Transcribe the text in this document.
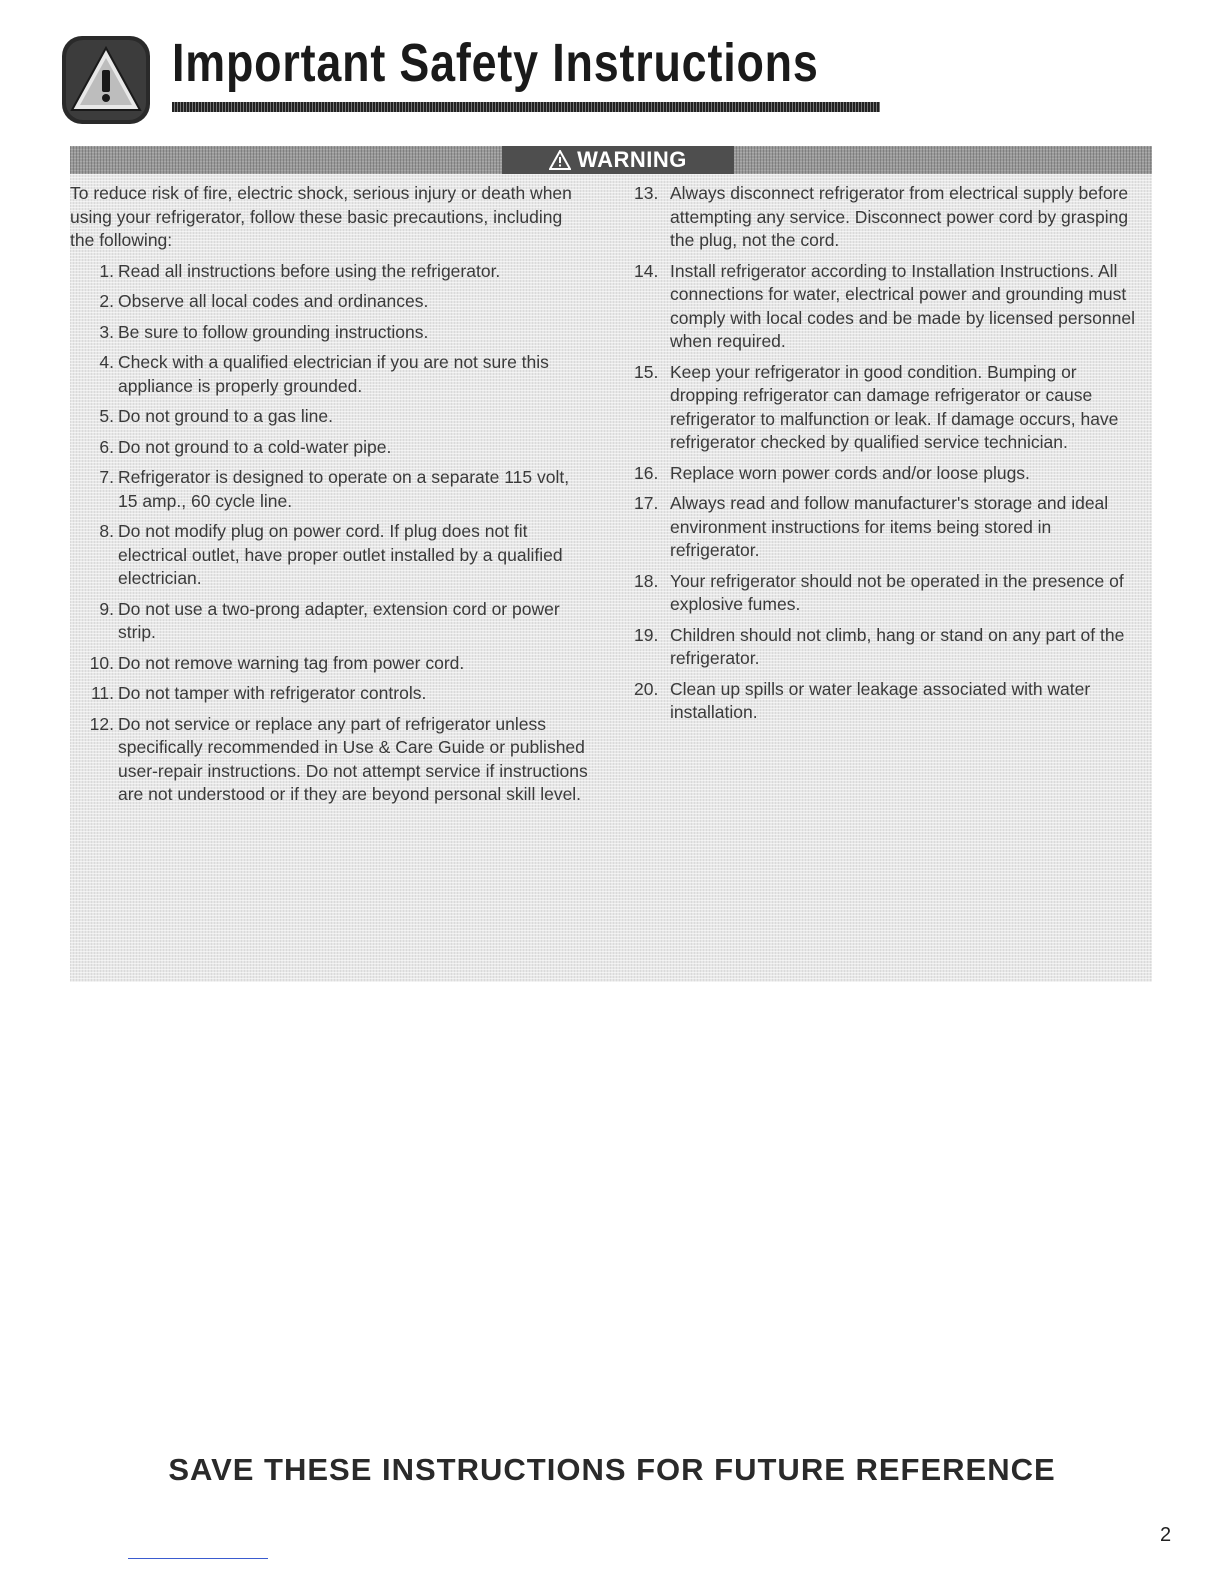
Important Safety Instructions
WARNING

To reduce risk of fire, electric shock, serious injury or death when using your refrigerator, follow these basic precautions, including the following:

1. Read all instructions before using the refrigerator.
2. Observe all local codes and ordinances.
3. Be sure to follow grounding instructions.
4. Check with a qualified electrician if you are not sure this appliance is properly grounded.
5. Do not ground to a gas line.
6. Do not ground to a cold-water pipe.
7. Refrigerator is designed to operate on a separate 115 volt, 15 amp., 60 cycle line.
8. Do not modify plug on power cord. If plug does not fit electrical outlet, have proper outlet installed by a qualified electrician.
9. Do not use a two-prong adapter, extension cord or power strip.
10. Do not remove warning tag from power cord.
11. Do not tamper with refrigerator controls.
12. Do not service or replace any part of refrigerator unless specifically recommended in Use & Care Guide or published user-repair instructions. Do not attempt service if instructions are not understood or if they are beyond personal skill level.
13. Always disconnect refrigerator from electrical supply before attempting any service. Disconnect power cord by grasping the plug, not the cord.
14. Install refrigerator according to Installation Instructions. All connections for water, electrical power and grounding must comply with local codes and be made by licensed personnel when required.
15. Keep your refrigerator in good condition. Bumping or dropping refrigerator can damage refrigerator or cause refrigerator to malfunction or leak. If damage occurs, have refrigerator checked by qualified service technician.
16. Replace worn power cords and/or loose plugs.
17. Always read and follow manufacturer's storage and ideal environment instructions for items being stored in refrigerator.
18. Your refrigerator should not be operated in the presence of explosive fumes.
19. Children should not climb, hang or stand on any part of the refrigerator.
20. Clean up spills or water leakage associated with water installation.
SAVE THESE INSTRUCTIONS FOR FUTURE REFERENCE
2
